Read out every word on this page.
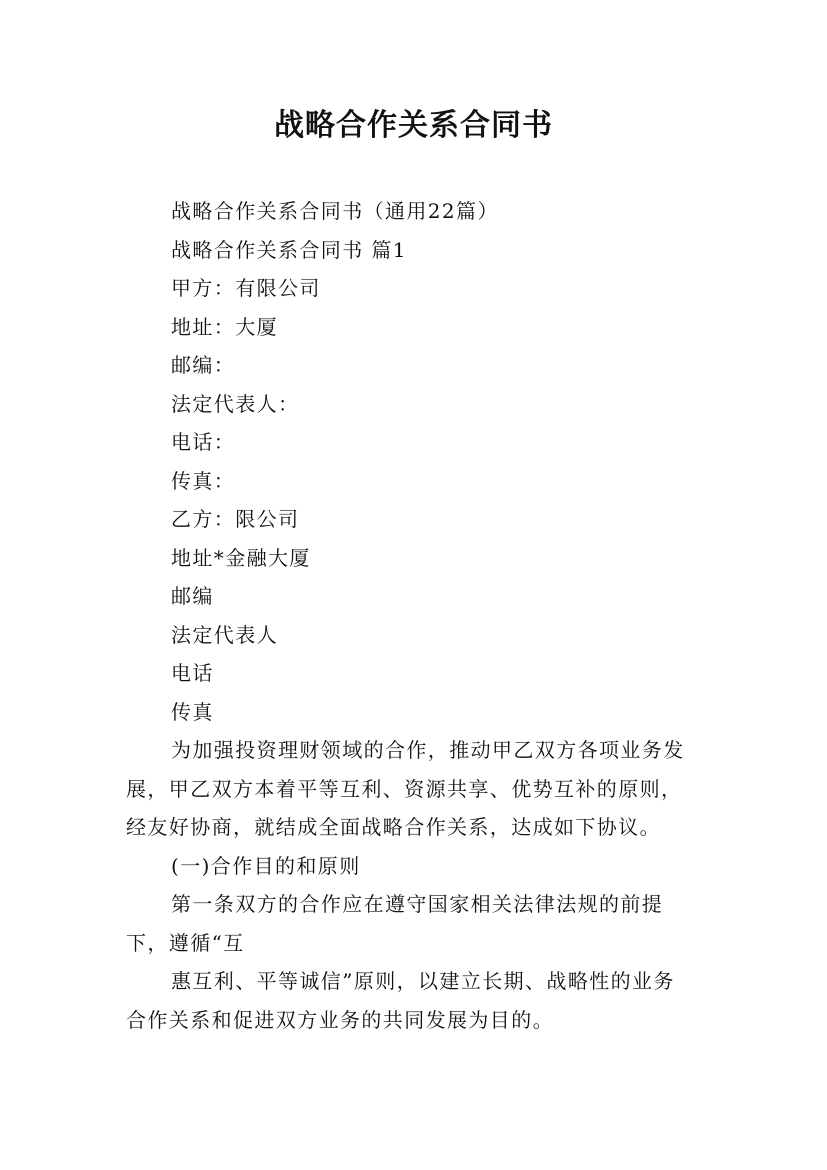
战略合作关系合同书
战略合作关系合同书（通用22篇）
战略合作关系合同书 篇1
甲方：有限公司
地址：大厦
邮编：
法定代表人：
电话：
传真：
乙方：限公司
地址*金融大厦
邮编
法定代表人
电话
传真
为加强投资理财领域的合作，推动甲乙双方各项业务发
展，甲乙双方本着平等互利、资源共享、优势互补的原则，
经友好协商，就结成全面战略合作关系，达成如下协议。
(一)合作目的和原则
第一条双方的合作应在遵守国家相关法律法规的前提
下，遵循“互
惠互利、平等诚信”原则，以建立长期、战略性的业务
合作关系和促进双方业务的共同发展为目的。
